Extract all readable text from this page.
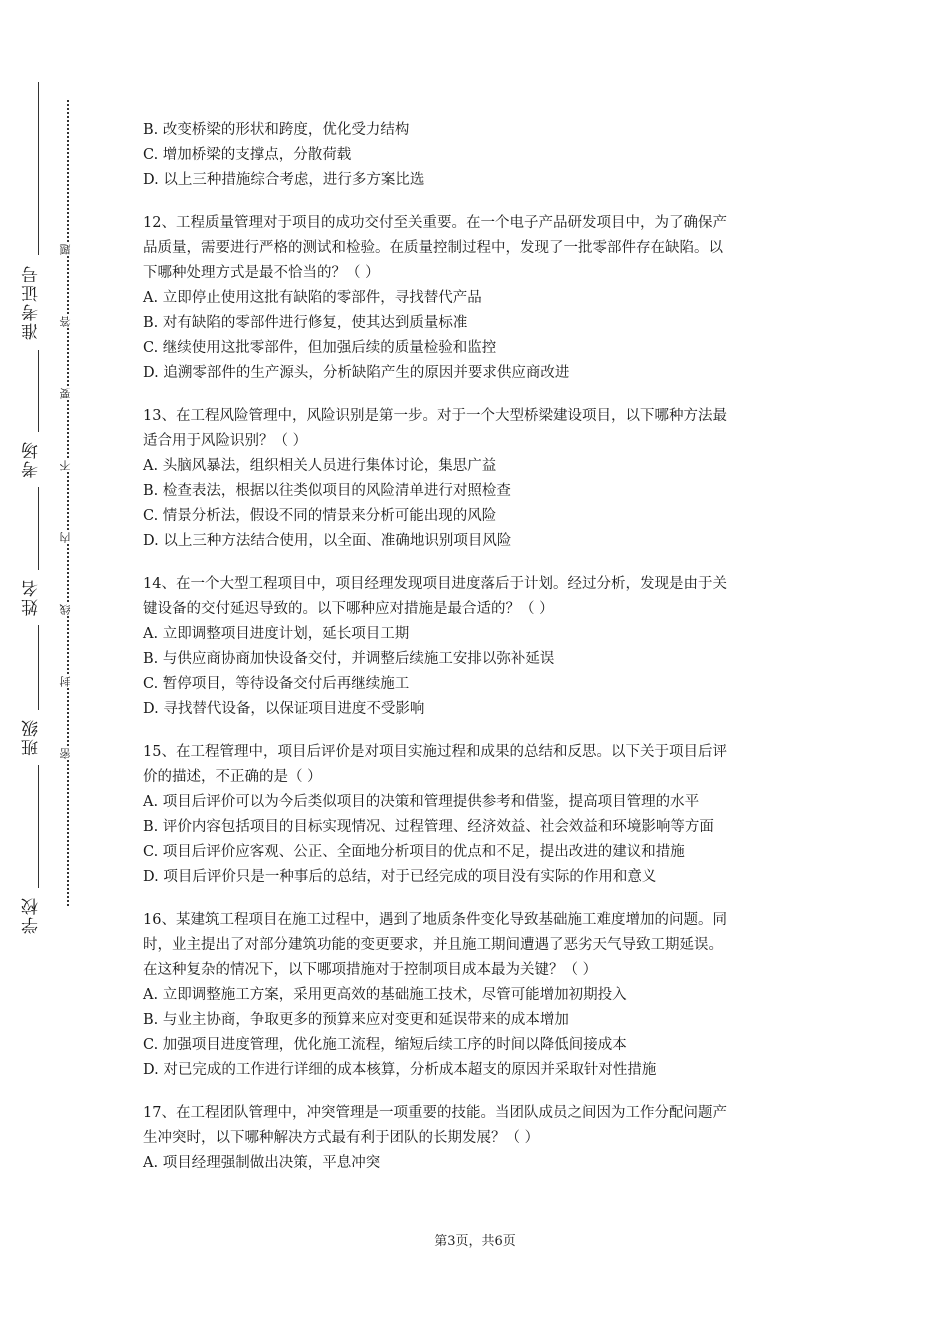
准考证号
考场
姓名
班级
学校
题
答
要
不
内
线
封
密
B. 改变桥梁的形状和跨度，优化受力结构
C. 增加桥梁的支撑点，分散荷载
D. 以上三种措施综合考虑，进行多方案比选
12、工程质量管理对于项目的成功交付至关重要。在一个电子产品研发项目中，为了确保产
品质量，需要进行严格的测试和检验。在质量控制过程中，发现了一批零部件存在缺陷。以
下哪种处理方式是最不恰当的？（ ）
A. 立即停止使用这批有缺陷的零部件，寻找替代产品
B. 对有缺陷的零部件进行修复，使其达到质量标准
C. 继续使用这批零部件，但加强后续的质量检验和监控
D. 追溯零部件的生产源头，分析缺陷产生的原因并要求供应商改进
13、在工程风险管理中，风险识别是第一步。对于一个大型桥梁建设项目，以下哪种方法最
适合用于风险识别？（ ）
A. 头脑风暴法，组织相关人员进行集体讨论，集思广益
B. 检查表法，根据以往类似项目的风险清单进行对照检查
C. 情景分析法，假设不同的情景来分析可能出现的风险
D. 以上三种方法结合使用，以全面、准确地识别项目风险
14、在一个大型工程项目中，项目经理发现项目进度落后于计划。经过分析，发现是由于关
键设备的交付延迟导致的。以下哪种应对措施是最合适的？（ ）
A. 立即调整项目进度计划，延长项目工期
B. 与供应商协商加快设备交付，并调整后续施工安排以弥补延误
C. 暂停项目，等待设备交付后再继续施工
D. 寻找替代设备，以保证项目进度不受影响
15、在工程管理中，项目后评价是对项目实施过程和成果的总结和反思。以下关于项目后评
价的描述，不正确的是（ ）
A. 项目后评价可以为今后类似项目的决策和管理提供参考和借鉴，提高项目管理的水平
B. 评价内容包括项目的目标实现情况、过程管理、经济效益、社会效益和环境影响等方面
C. 项目后评价应客观、公正、全面地分析项目的优点和不足，提出改进的建议和措施
D. 项目后评价只是一种事后的总结，对于已经完成的项目没有实际的作用和意义
16、某建筑工程项目在施工过程中，遇到了地质条件变化导致基础施工难度增加的问题。同
时，业主提出了对部分建筑功能的变更要求，并且施工期间遭遇了恶劣天气导致工期延误。
在这种复杂的情况下，以下哪项措施对于控制项目成本最为关键？（ ）
A. 立即调整施工方案，采用更高效的基础施工技术，尽管可能增加初期投入
B. 与业主协商，争取更多的预算来应对变更和延误带来的成本增加
C. 加强项目进度管理，优化施工流程，缩短后续工序的时间以降低间接成本
D. 对已完成的工作进行详细的成本核算，分析成本超支的原因并采取针对性措施
17、在工程团队管理中，冲突管理是一项重要的技能。当团队成员之间因为工作分配问题产
生冲突时，以下哪种解决方式最有利于团队的长期发展？（ ）
A. 项目经理强制做出决策，平息冲突
第3页，共6页
